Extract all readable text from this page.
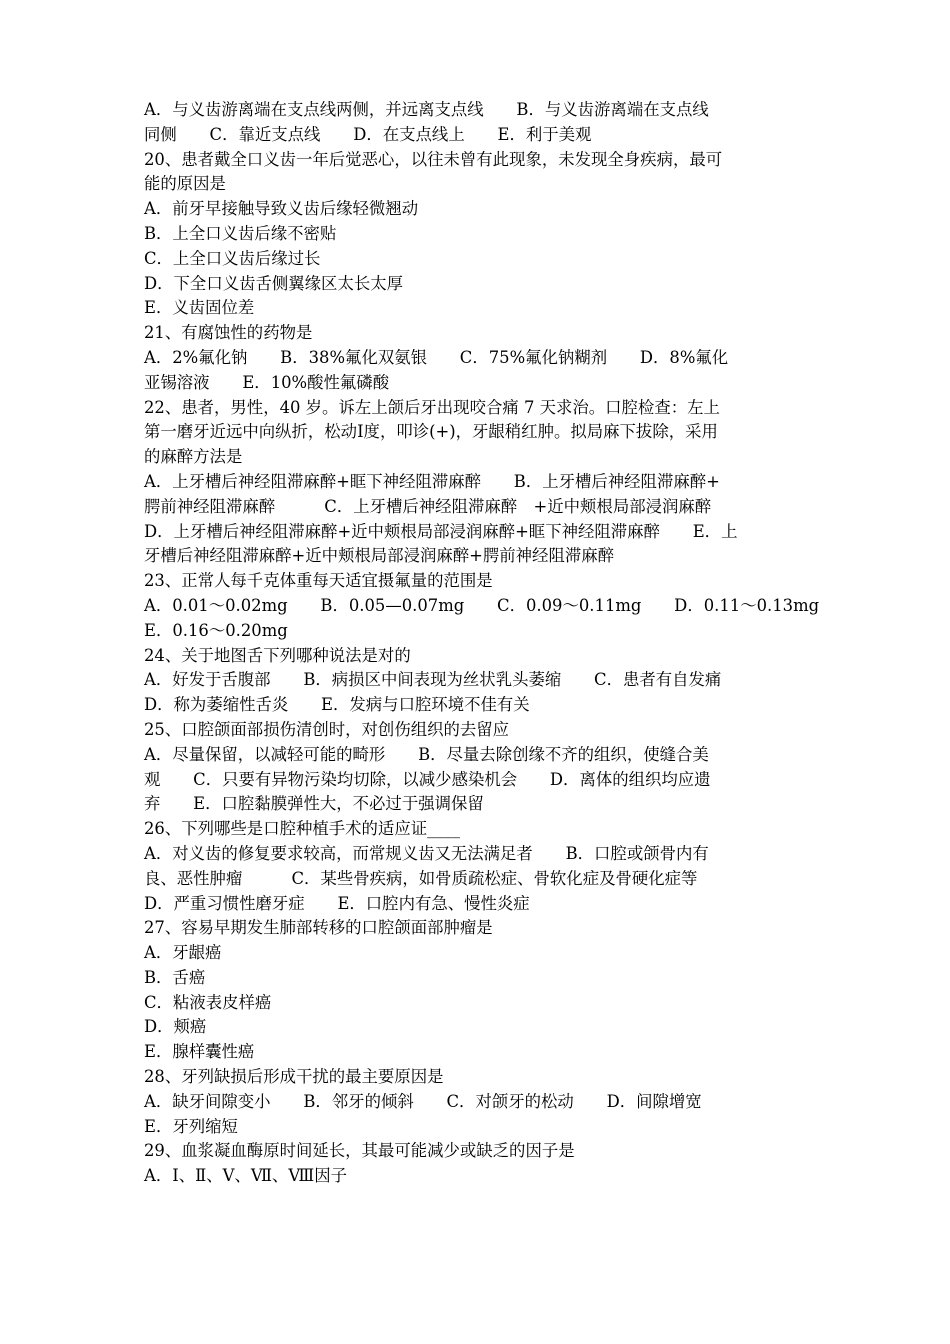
A．与义齿游离端在支点线两侧，并远离支点线　　B．与义齿游离端在支点线
同侧　　C．靠近支点线　　D．在支点线上　　E．利于美观
20、患者戴全口义齿一年后觉恶心，以往未曾有此现象，未发现全身疾病，最可
能的原因是
A．前牙早接触导致义齿后缘轻微翘动
B．上全口义齿后缘不密贴
C．上全口义齿后缘过长
D．下全口义齿舌侧翼缘区太长太厚
E．义齿固位差
21、有腐蚀性的药物是
A．2%氟化钠　　B．38%氟化双氨银　　C．75%氟化钠糊剂　　D．8%氟化
亚锡溶液　　E．10%酸性氟磷酸
22、患者，男性，40 岁。诉左上颌后牙出现咬合痛 7 天求治。口腔检查：左上
第一磨牙近远中向纵折，松动Ⅰ度，叩诊(+)，牙龈稍红肿。拟局麻下拔除，采用
的麻醉方法是
A．上牙槽后神经阻滞麻醉+眶下神经阻滞麻醉　　B．上牙槽后神经阻滞麻醉+
腭前神经阻滞麻醉　　　C．上牙槽后神经阻滞麻醉　+近中颊根局部浸润麻醉
D．上牙槽后神经阻滞麻醉+近中颊根局部浸润麻醉+眶下神经阻滞麻醉　　E．上
牙槽后神经阻滞麻醉+近中颊根局部浸润麻醉+腭前神经阻滞麻醉
23、正常人每千克体重每天适宜摄氟量的范围是
A．0.01～0.02mg　　B．0.05—0.07mg　　C．0.09～0.11mg　　D．0.11～0.13mg
E．0.16～0.20mg
24、关于地图舌下列哪种说法是对的
A．好发于舌腹部　　B．病损区中间表现为丝状乳头萎缩　　C．患者有自发痛
D．称为萎缩性舌炎　　E．发病与口腔环境不佳有关
25、口腔颌面部损伤清创时，对创伤组织的去留应
A．尽量保留，以减轻可能的畸形　　B．尽量去除创缘不齐的组织，使缝合美
观　　C．只要有异物污染均切除，以减少感染机会　　D．离体的组织均应遗
弃　　E．口腔黏膜弹性大，不必过于强调保留
26、下列哪些是口腔种植手术的适应证____
A．对义齿的修复要求较高，而常规义齿又无法满足者　　B．口腔或颌骨内有
良、恶性肿瘤　　　C．某些骨疾病，如骨质疏松症、骨软化症及骨硬化症等
D．严重习惯性磨牙症　　E．口腔内有急、慢性炎症
27、容易早期发生肺部转移的口腔颌面部肿瘤是
A．牙龈癌
B．舌癌
C．粘液表皮样癌
D．颊癌
E．腺样囊性癌
28、牙列缺损后形成干扰的最主要原因是
A．缺牙间隙变小　　B．邻牙的倾斜　　C．对颌牙的松动　　D．间隙增宽
E．牙列缩短
29、血浆凝血酶原时间延长，其最可能减少或缺乏的因子是
A．Ⅰ、Ⅱ、Ⅴ、Ⅶ、Ⅷ因子
